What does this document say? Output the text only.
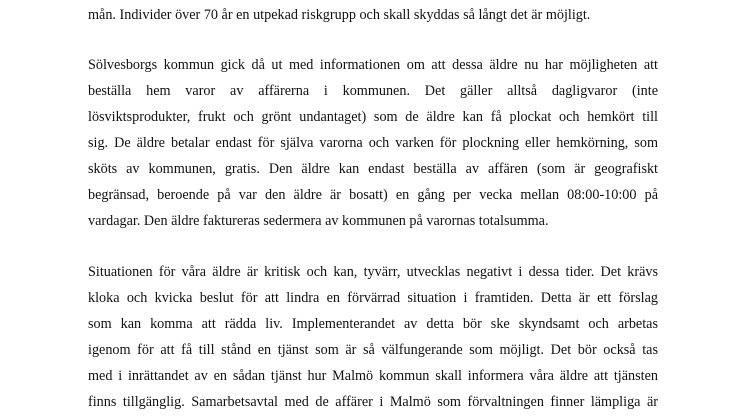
mån. Individer över 70 år en utpekad riskgrupp och skall skyddas så långt det är möjligt.
Sölvesborgs kommun gick då ut med informationen om att dessa äldre nu har möjligheten att
beställa hem varor av affärerna i kommunen. Det gäller alltså dagligvaror (inte
lösviktsprodukter, frukt och grönt undantaget) som de äldre kan få plockat och hemkört till
sig. De äldre betalar endast för själva varorna och varken för plockning eller hemkörning, som
sköts av kommunen, gratis. Den äldre kan endast beställa av affären (som är geografiskt
begränsad, beroende på var den äldre är bosatt) en gång per vecka mellan 08:00-10:00 på
vardagar. Den äldre faktureras sedermera av kommunen på varornas totalsumma.
Situationen för våra äldre är kritisk och kan, tyvärr, utvecklas negativt i dessa tider. Det krävs
kloka och kvicka beslut för att lindra en förvärrad situation i framtiden. Detta är ett förslag
som kan komma att rädda liv. Implementerandet av detta bör ske skyndsamt och arbetas
igenom för att få till stånd en tjänst som är så välfungerande som möjligt. Det bör också tas
med i inrättandet av en sådan tjänst hur Malmö kommun skall informera våra äldre att tjänsten
finns tillgänglig. Samarbetsavtal med de affärer i Malmö som förvaltningen finner lämpliga är
